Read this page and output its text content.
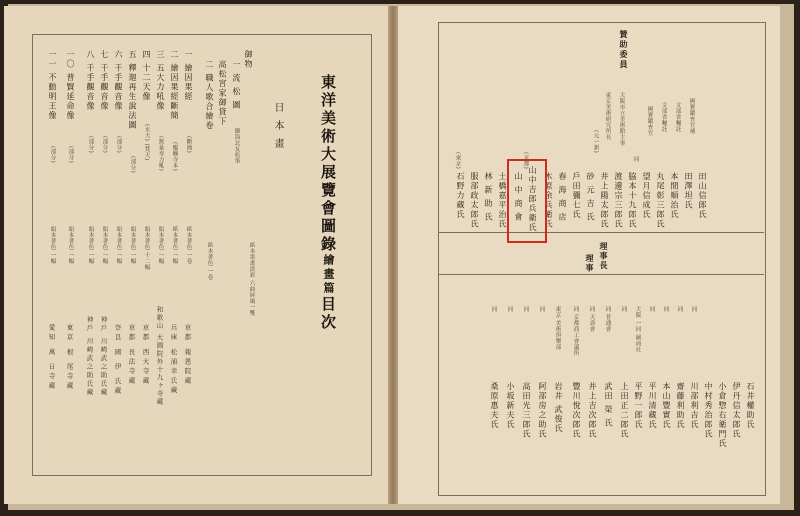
東洋美術大展覽會圖錄繪畫篇目次
日本畫
御物
一 流 松 圖
御海北友松筆
高松宮家御貸下
二 職人歌合繪卷
紙本墨畫淡彩 六曲屛風一雙
紙本著色 一卷
一 繪因果經
(斷簡)
紙本著色 一卷
京都 報恩院藏
二 繪因果經斷簡
(醍醐寺本)
紙本著色 一幅
兵庫 松浦幸氏藏
三 五大力吼像
(無量寿力吼)
絹本著色 一幅
和歌山 大圓院外十九ヶ寺藏
四 十二天像
(水天) (梵天)
絹本著色 十二幅
京都 西大寺藏
五 釋迦再生說法圖
(部分)
絹本著色 一幅
京都 長法寺藏
六 千手觀音像
(部分)
絹本著色 一幅
奈良 國 伊 氏藏
七 千手觀音像
(部分)
絹本著色 一幅
神戶 川崎武之助氏藏
八 千手觀音像
(部分)
絹本著色 一幅
神戶 川崎武之助氏藏
一〇 普賢延命像
(部分)
絹本著色 一幅
東京 根 尾寺藏
一一 不動明王像
(部分)
絹本著色 一幅
愛知 萬 日寺藏
贊助委員
國寶鑑查官補
田山信郎氏
文部省囑託
田澤坦氏
文部省囑託
本間順治氏
國寶鑑查官
丸尾彰三郎氏
同
望月信成氏
大阪市立美術館主事
脇本十九郎氏
東京美術研究所長
渡邊宗三郎氏
(元一新)
井上陽太郎氏
砂 元 吉 氏
戶田彌七氏
春 海 商 店
木原余兵衛氏
(京都)
山中吉郎兵衛氏
山 中 商 會
土橋嘉平治氏
林 新 助 氏
服部政太郎氏
(東京)
石野力藏氏
理事長
理事
石井權助氏
伊丹信太郎氏
小倉惣右衛門氏
中村秀治郎氏
同
川部利吉氏
同
齋藤利助氏
同
本山豐實氏
同
平川清藏氏
大阪 一同 圖商社
平野一郎氏
同
上田正二郎氏
同 普通會
武田 榮 氏
同 天壽會
井上吉次郎氏
同 京都商工會議所
豐川悅次郎氏
東京 美術倶樂部
岩井 武俊氏
同
阿部房之助氏
同
高田光三郎氏
同
小坂新夫氏
同
桑原惠夫氏
